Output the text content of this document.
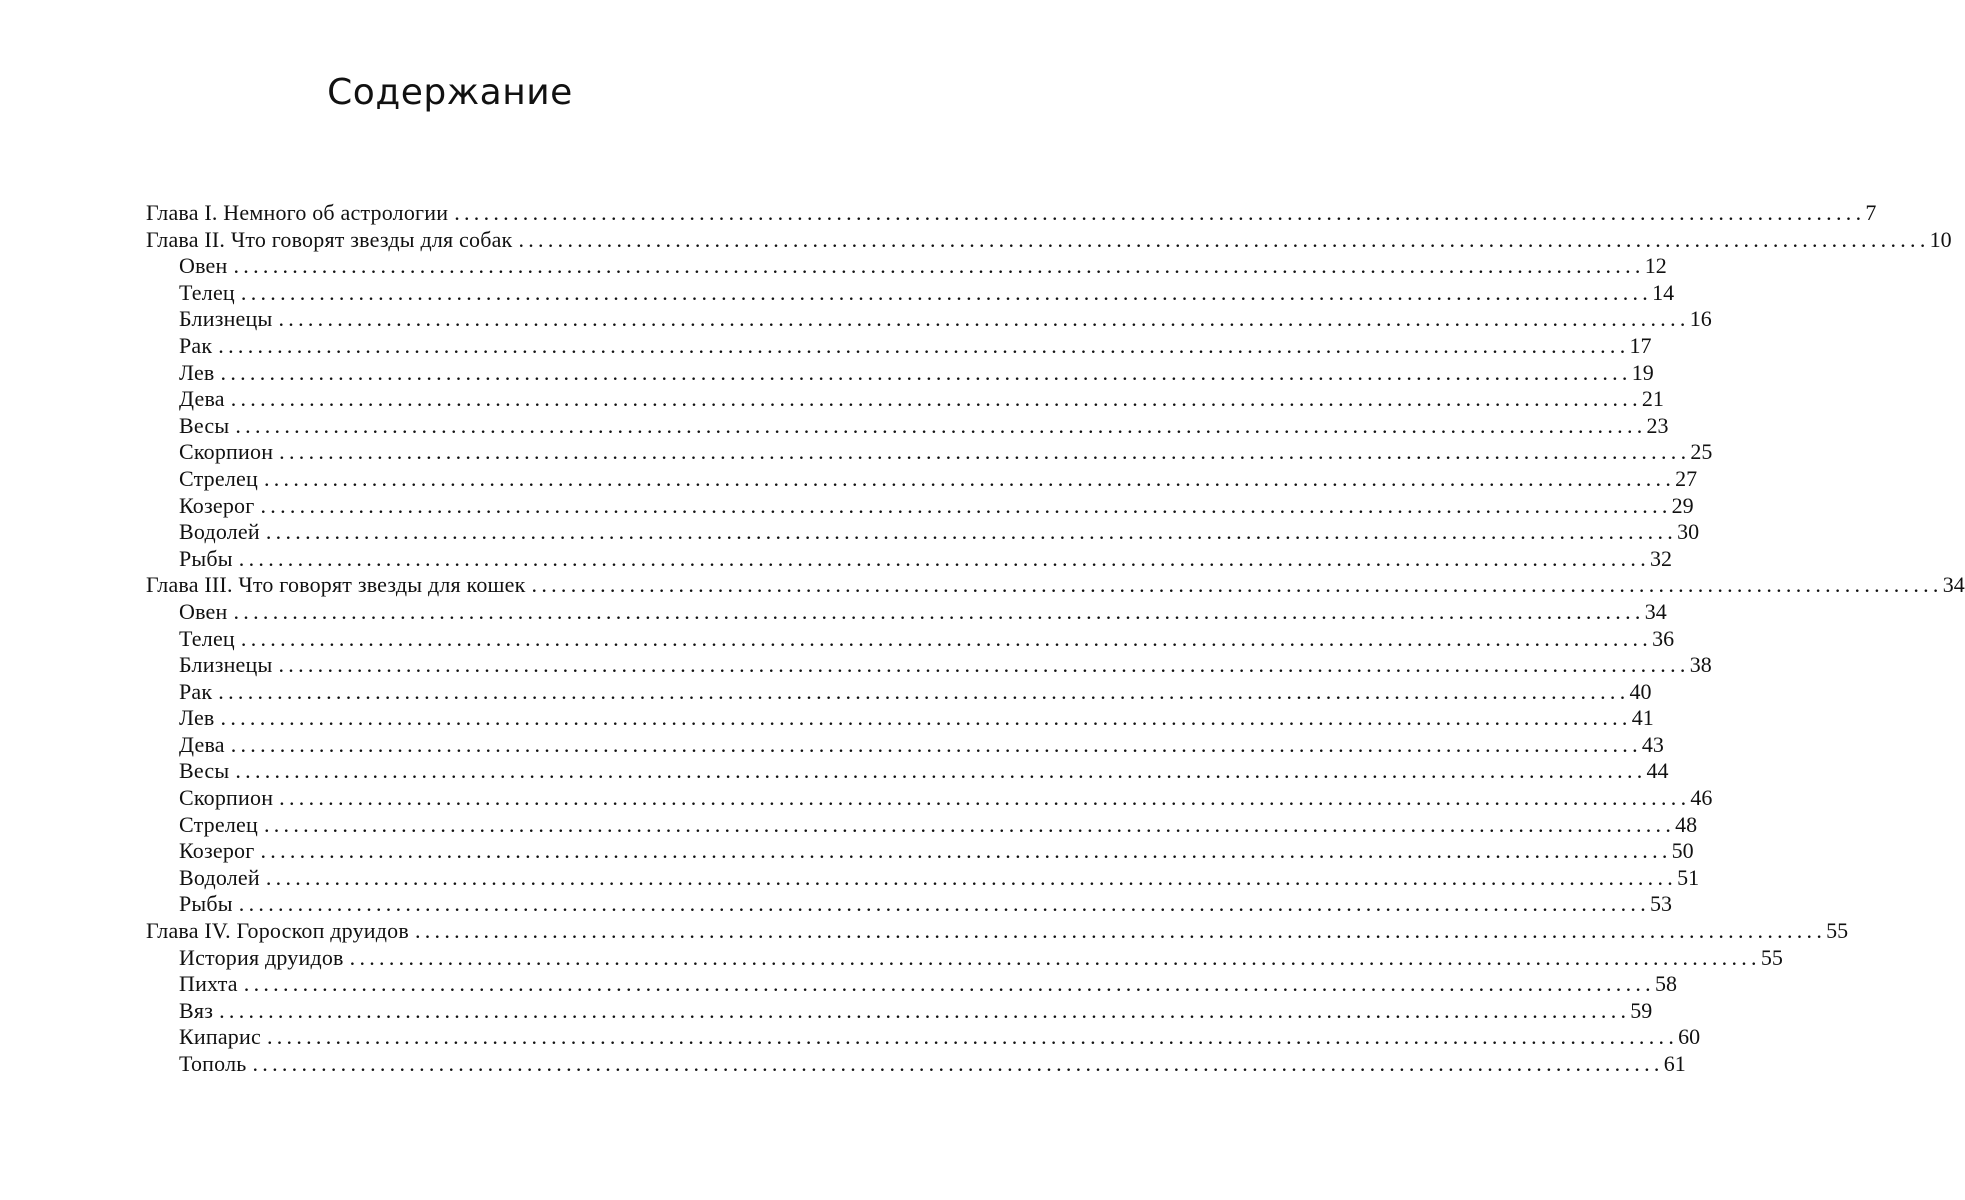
Содержание
Глава I. Немного об астрологии ................................................................................................................................................ 7
Глава II. Что говорят звезды для собак ................................................................................................................................................ 10
Овен ................................................................................................................................................ 12
Телец ................................................................................................................................................ 14
Близнецы ................................................................................................................................................ 16
Рак ................................................................................................................................................ 17
Лев ................................................................................................................................................ 19
Дева ................................................................................................................................................ 21
Весы ................................................................................................................................................ 23
Скорпион ................................................................................................................................................ 25
Стрелец ................................................................................................................................................ 27
Козерог ................................................................................................................................................ 29
Водолей ................................................................................................................................................ 30
Рыбы ................................................................................................................................................ 32
Глава III. Что говорят звезды для кошек ................................................................................................................................................ 34
Овен ................................................................................................................................................ 34
Телец ................................................................................................................................................ 36
Близнецы ................................................................................................................................................ 38
Рак ................................................................................................................................................ 40
Лев ................................................................................................................................................ 41
Дева ................................................................................................................................................ 43
Весы ................................................................................................................................................ 44
Скорпион ................................................................................................................................................ 46
Стрелец ................................................................................................................................................ 48
Козерог ................................................................................................................................................ 50
Водолей ................................................................................................................................................ 51
Рыбы ................................................................................................................................................ 53
Глава IV. Гороскоп друидов ................................................................................................................................................ 55
История друидов ................................................................................................................................................ 55
Пихта ................................................................................................................................................ 58
Вяз ................................................................................................................................................ 59
Кипарис ................................................................................................................................................ 60
Тополь ................................................................................................................................................ 61
